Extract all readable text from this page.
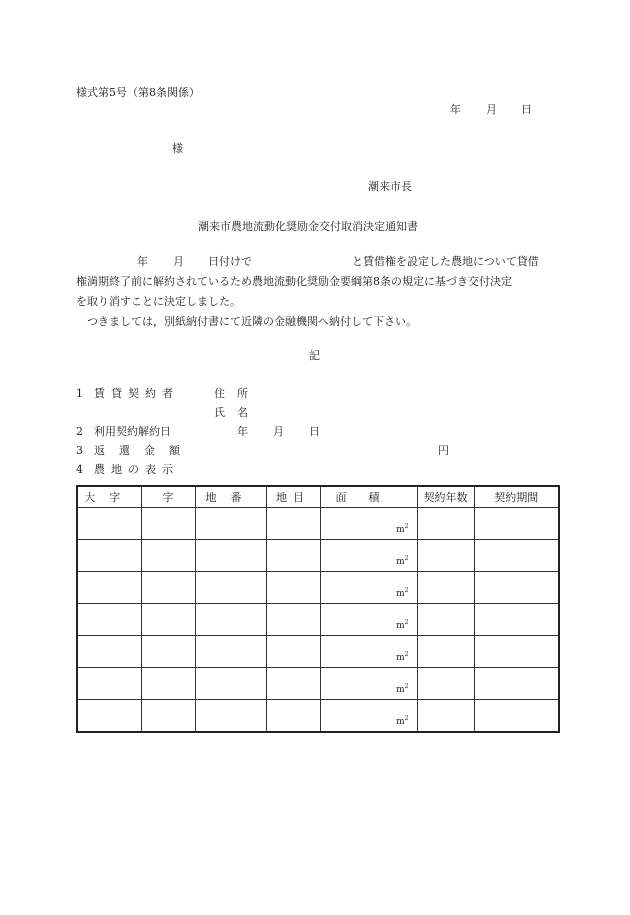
様式第5号（第8条関係）
年 月 日
様
潮来市長
潮来市農地流動化奨励金交付取消決定通知書
年 月 日付けで	と賃借権を設定した農地について貸借
権満期終了前に解約されているため農地流動化奨励金要綱第8条の規定に基づき交付決定
を取り消すことに決定しました。
つきましては，別紙納付書にて近隣の金融機関へ納付して下さい。
記
1 賃貸契約者	住所
氏名
2 利用契約解約日	年 月 日
3 返還金額	円
4 農地の表示
大字	字	地番	地目	面積	契約年数	契約期間
				$m^2$		
				$m^2$		
				$m^2$		
				$m^2$		
				$m^2$		
				$m^2$		
				$m^2$		
